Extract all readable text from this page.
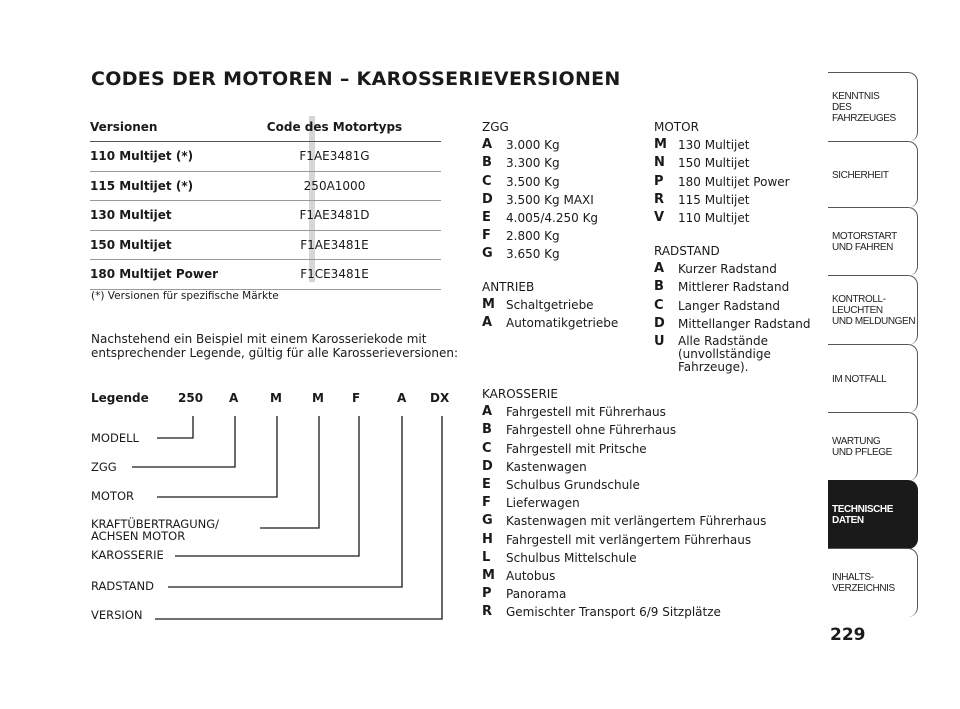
CODES DER MOTOREN – KAROSSERIEVERSIONEN
Versionen	Code des Motortyps
110 Multijet (*)	F1AE3481G
115 Multijet (*)	250A1000
130 Multijet	F1AE3481D
150 Multijet	F1AE3481E
180 Multijet Power	F1CE3481E
(*) Versionen für spezifische Märkte
Nachstehend ein Beispiel mit einem Karosseriekode mit entsprechender Legende, gültig für alle Karosserieversionen:
Legende 250 A	M	M F	A DX
MODELL
ZGG
MOTOR
KRAFTÜBERTRAGUNG/ ACHSEN MOTOR
KAROSSERIE
RADSTAND
VERSION
ZGG
A	3.000 Kg
B	3.300 Kg
C	3.500 Kg
D	3.500 Kg MAXI
E	4.005/4.250 Kg
F	2.800 Kg
G	3.650 Kg
ANTRIEB
M Schaltgetriebe
A	Automatikgetriebe
MOTOR
M 130 Multijet
N	150 Multijet
P	180 Multijet Power
R	115 Multijet
V	110 Multijet
RADSTAND
A	Kurzer Radstand
B	Mittlerer Radstand
C	Langer Radstand
D	Mittellanger Radstand
U	Alle Radstände (unvollständige Fahrzeuge).
KAROSSERIE
A	Fahrgestell mit Führerhaus
B	Fahrgestell ohne Führerhaus
C	Fahrgestell mit Pritsche
D	Kastenwagen
E	Schulbus Grundschule
F	Lieferwagen
G	Kastenwagen mit verlängertem Führerhaus
H	Fahrgestell mit verlängertem Führerhaus
L	Schulbus Mittelschule
M Autobus
P	Panorama
R	Gemischter Transport 6/9 Sitzplätze
KENNTNIS
DES FAHRZEUGES
SICHERHEIT
MOTORSTART
UND FAHREN
KONTROLL-
LEUCHTEN
UND MELDUNGEN
IM NOTFALL
WARTUNG
UND PFLEGE
TECHNISCHE
DATEN
INHALTS-
VERZEICHNIS
229
